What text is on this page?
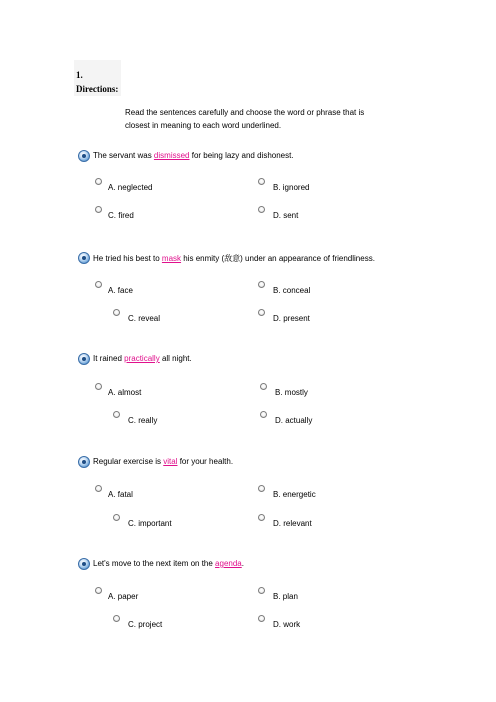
1.
Directions:
Read the sentences carefully and choose the word or phrase that is
closest in meaning to each word underlined.
The servant was dismissed for being lazy and dishonest.
A. neglected	B. ignored
C. fired	D. sent
He tried his best to mask his enmity (敌意) under an appearance of friendliness.
A. face	B. conceal
C. reveal	D. present
It rained practically all night.
A. almost	B. mostly
C. really	D. actually
Regular exercise is vital for your health.
A. fatal	B. energetic
C. important	D. relevant
Let's move to the next item on the agenda.
A. paper	B. plan
C. project	D. work
